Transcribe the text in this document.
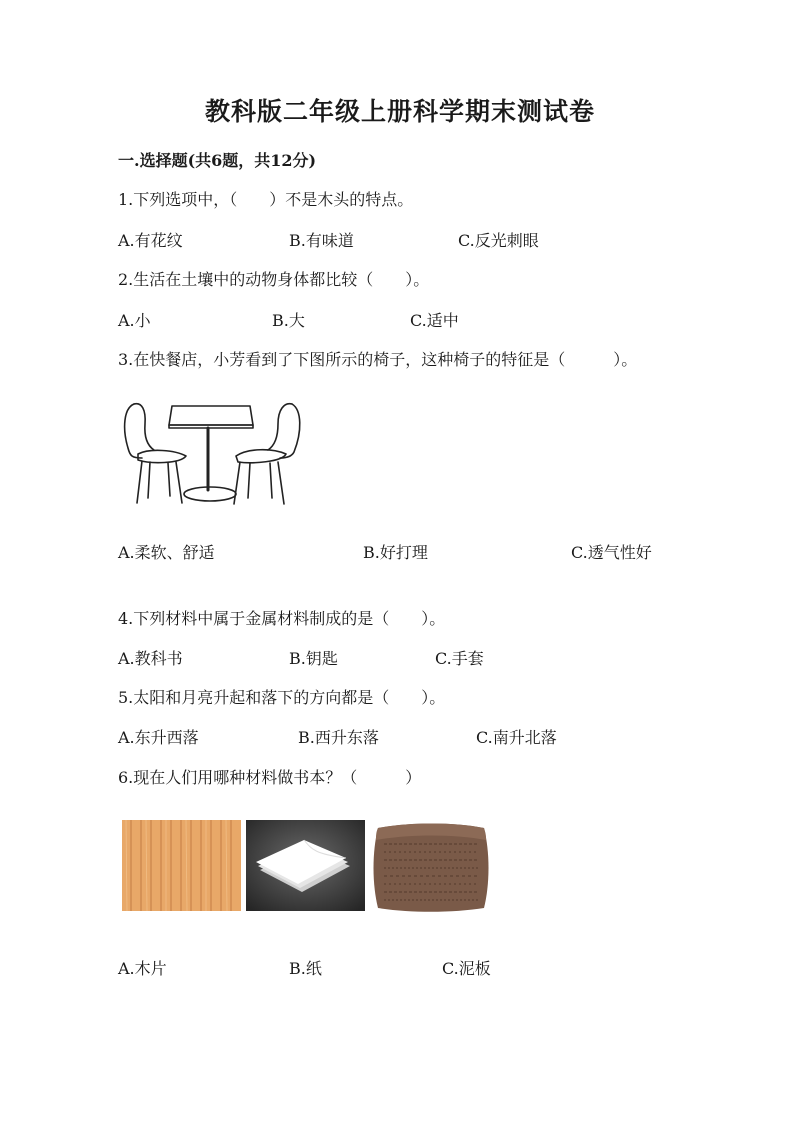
教科版二年级上册科学期末测试卷
一.选择题(共6题，共12分)
1.下列选项中，（　　）不是木头的特点。
A.有花纹	B.有味道	C.反光刺眼
2.生活在土壤中的动物身体都比较（　　）。
A.小	B.大	C.适中
3.在快餐店，小芳看到了下图所示的椅子，这种椅子的特征是（　　　）。
A.柔软、舒适	B.好打理	C.透气性好
4.下列材料中属于金属材料制成的是（　　）。
A.教科书	B.钥匙	C.手套
5.太阳和月亮升起和落下的方向都是（　　）。
A.东升西落	B.西升东落	C.南升北落
6.现在人们用哪种材料做书本？（　　　）
A.木片	B.纸	C.泥板
